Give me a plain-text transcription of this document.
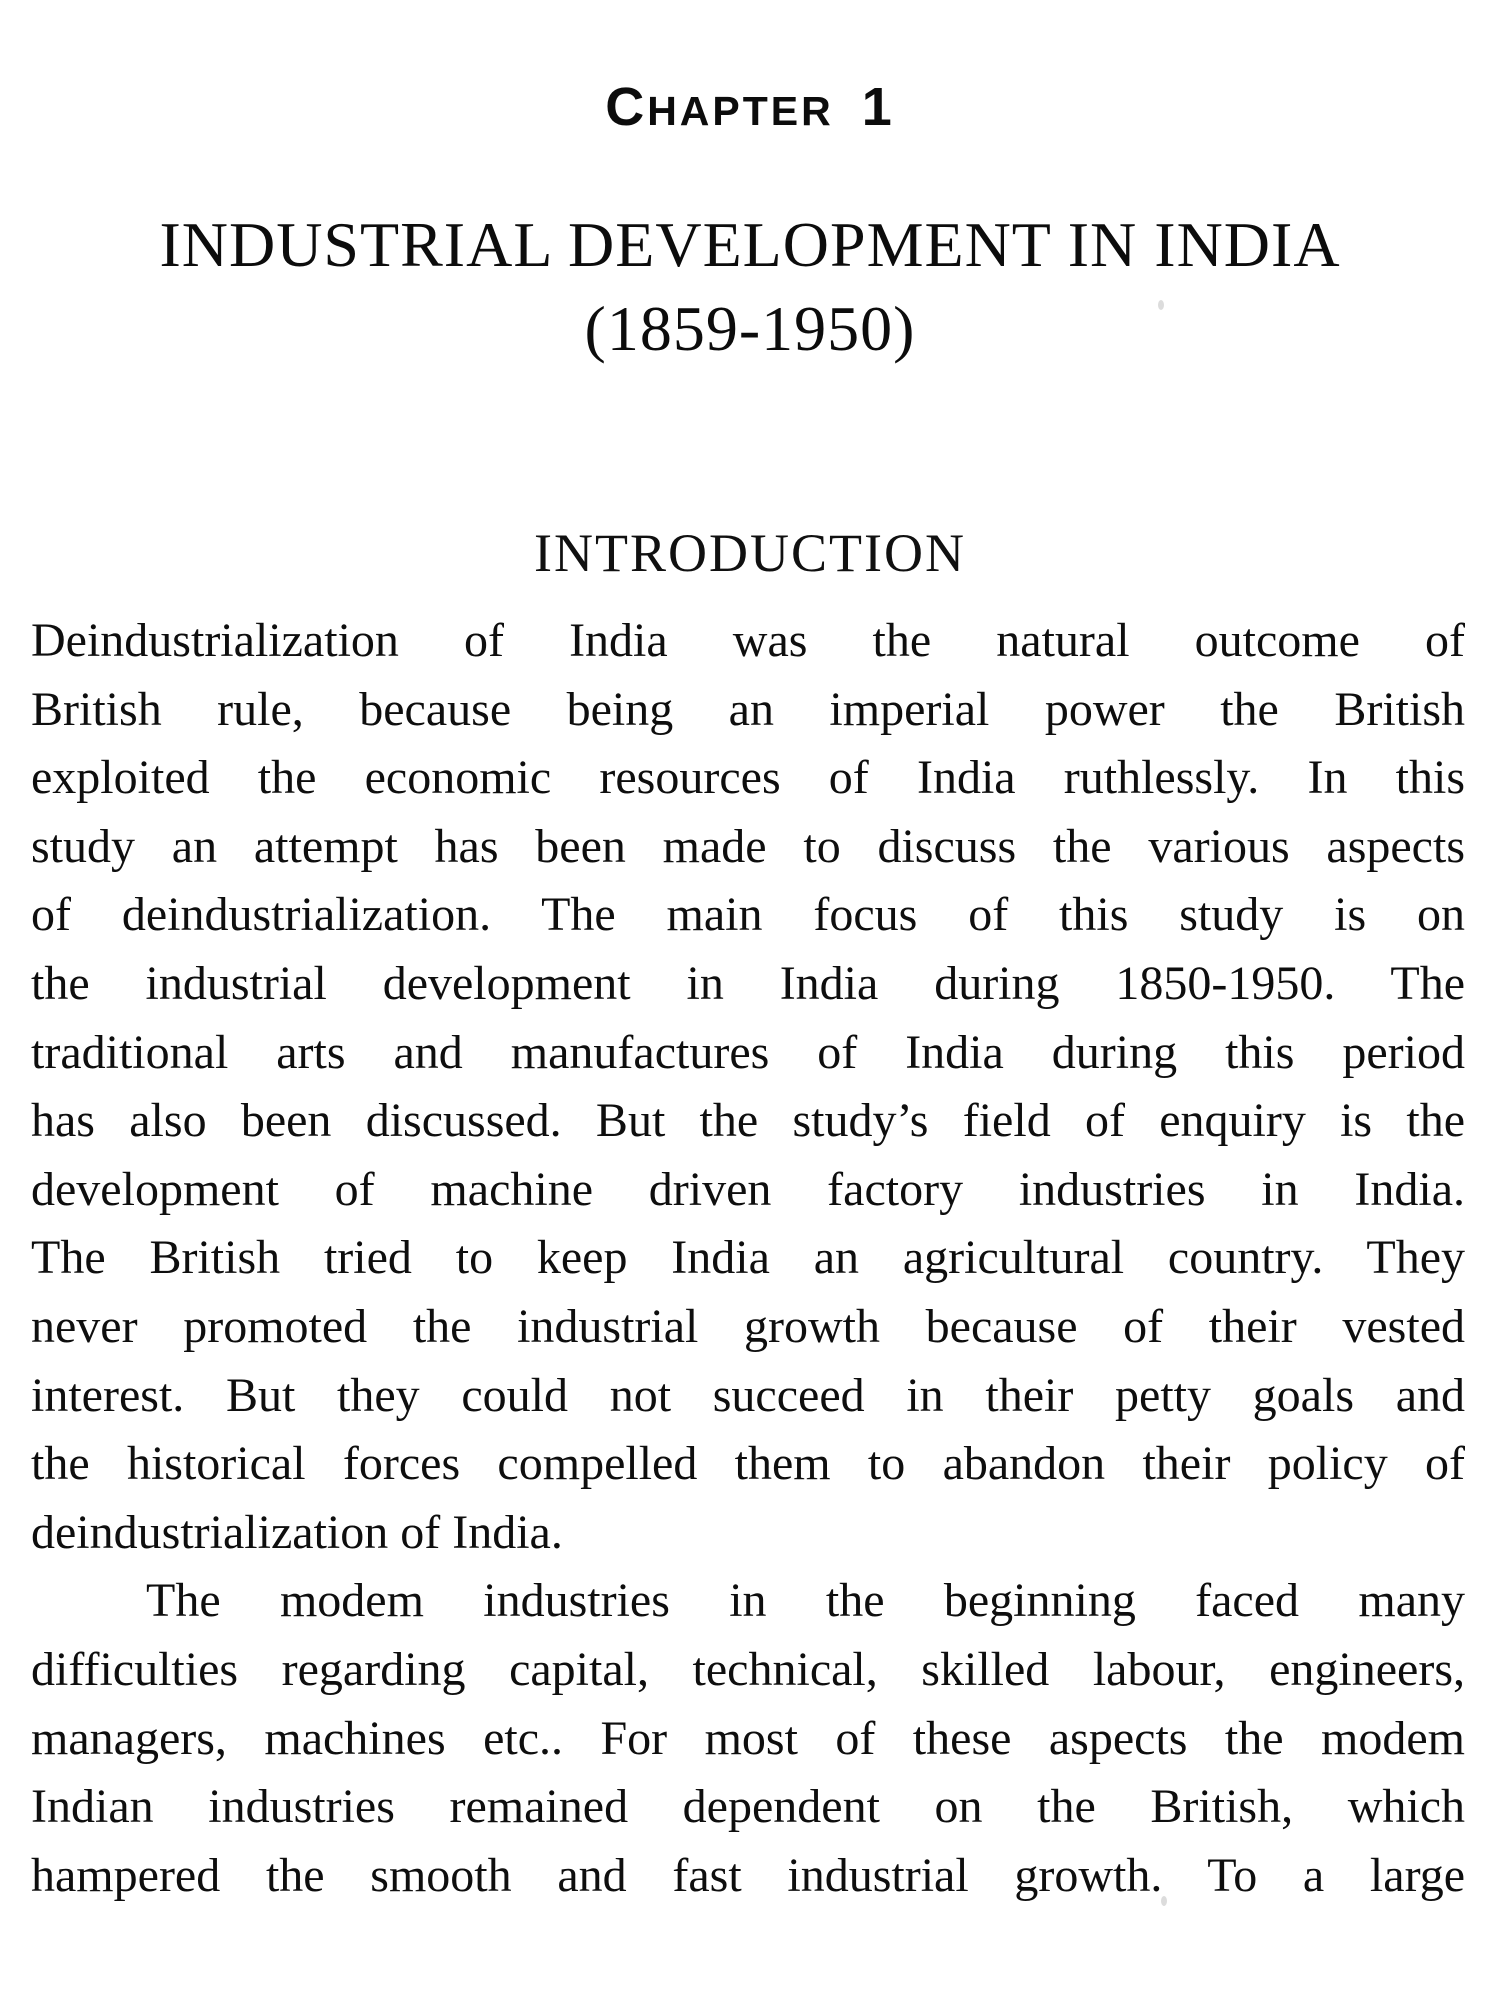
CHAPTER 1
INDUSTRIAL DEVELOPMENT IN INDIA
(1859-1950)
INTRODUCTION
Deindustrialization of India was the natural outcome of
British rule, because being an imperial power the British
exploited the economic resources of India ruthlessly. In this
study an attempt has been made to discuss the various aspects
of deindustrialization. The main focus of this study is on
the industrial development in India during 1850-1950. The
traditional arts and manufactures of India during this period
has also been discussed. But the study’s field of enquiry is the
development of machine driven factory industries in India.
The British tried to keep India an agricultural country. They
never promoted the industrial growth because of their vested
interest. But they could not succeed in their petty goals and
the historical forces compelled them to abandon their policy of
deindustrialization of India.
The modem industries in the beginning faced many
difficulties regarding capital, technical, skilled labour, engineers,
managers, machines etc.. For most of these aspects the modem
Indian industries remained dependent on the British, which
hampered the smooth and fast industrial growth. To a large
